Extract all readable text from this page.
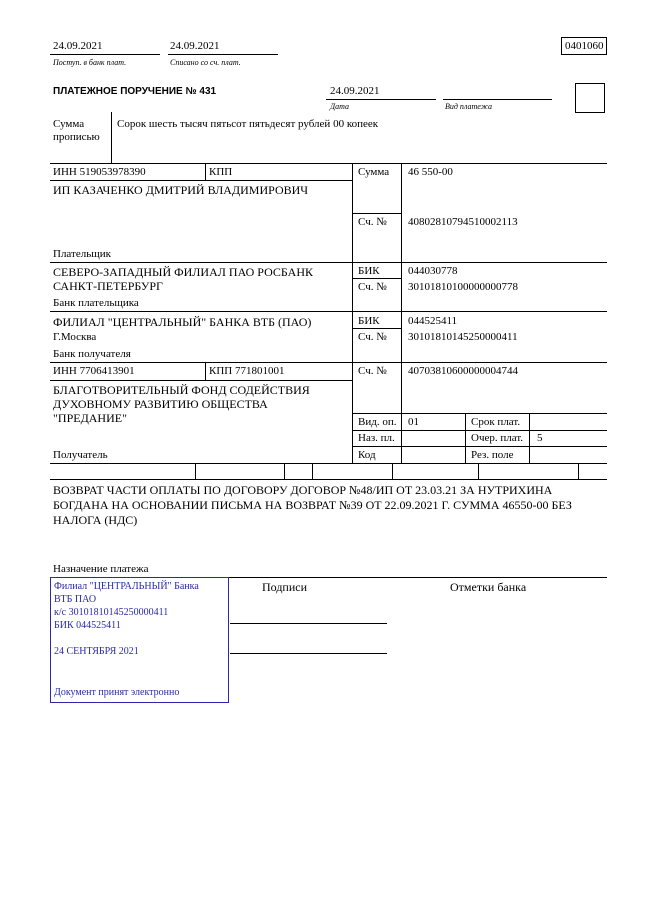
24.09.2021
Поступ. в банк плат.
24.09.2021
Списано со сч. плат.
0401060
ПЛАТЕЖНОЕ ПОРУЧЕНИЕ № 431	24.09.2021
Дата	Вид платежа
Сумма
прописью
Сорок шесть тысяч пятьсот пятьдесят рублей 00 копеек
ИНН 519053978390	КПП
ИП КАЗАЧЕНКО ДМИТРИЙ ВЛАДИМИРОВИЧ
Плательщик
Сумма 46 550-00
Сч. № 40802810794510002113
СЕВЕРО-ЗАПАДНЫЙ ФИЛИАЛ ПАО РОСБАНК
САНКТ-ПЕТЕРБУРГ
Банк плательщика
БИК	044030778
Сч. № 30101810100000000778
ФИЛИАЛ "ЦЕНТРАЛЬНЫЙ" БАНКА ВТБ (ПАО)
Г.Москва
Банк получателя
БИК	044525411
Сч. № 30101810145250000411
ИНН 7706413901	КПП 771801001	Сч. № 40703810600000004744
БЛАГОТВОРИТЕЛЬНЫЙ ФОНД СОДЕЙСТВИЯ
ДУХОВНОМУ РАЗВИТИЮ ОБЩЕСТВА
"ПРЕДАНИЕ"
Получатель
Вид. оп. 01	Срок плат.
Наз. пл.	Очер. плат. 5
Код	Рез. поле
ВОЗВРАТ ЧАСТИ ОПЛАТЫ ПО ДОГОВОРУ ДОГОВОР №48/ИП ОТ 23.03.21 ЗА НУТРИХИНА
БОГДАНА НА ОСНОВАНИИ ПИСЬМА НА ВОЗВРАТ №39 ОТ 22.09.2021 Г. СУММА 46550-00 БЕЗ
НАЛОГА (НДС)
Назначение платежа
Подписи	Отметки банка
Филиал "ЦЕНТРАЛЬНЫЙ" Банка
ВТБ ПАО
к/с 30101810145250000411
БИК 044525411
24 СЕНТЯБРЯ 2021
Документ принят электронно
